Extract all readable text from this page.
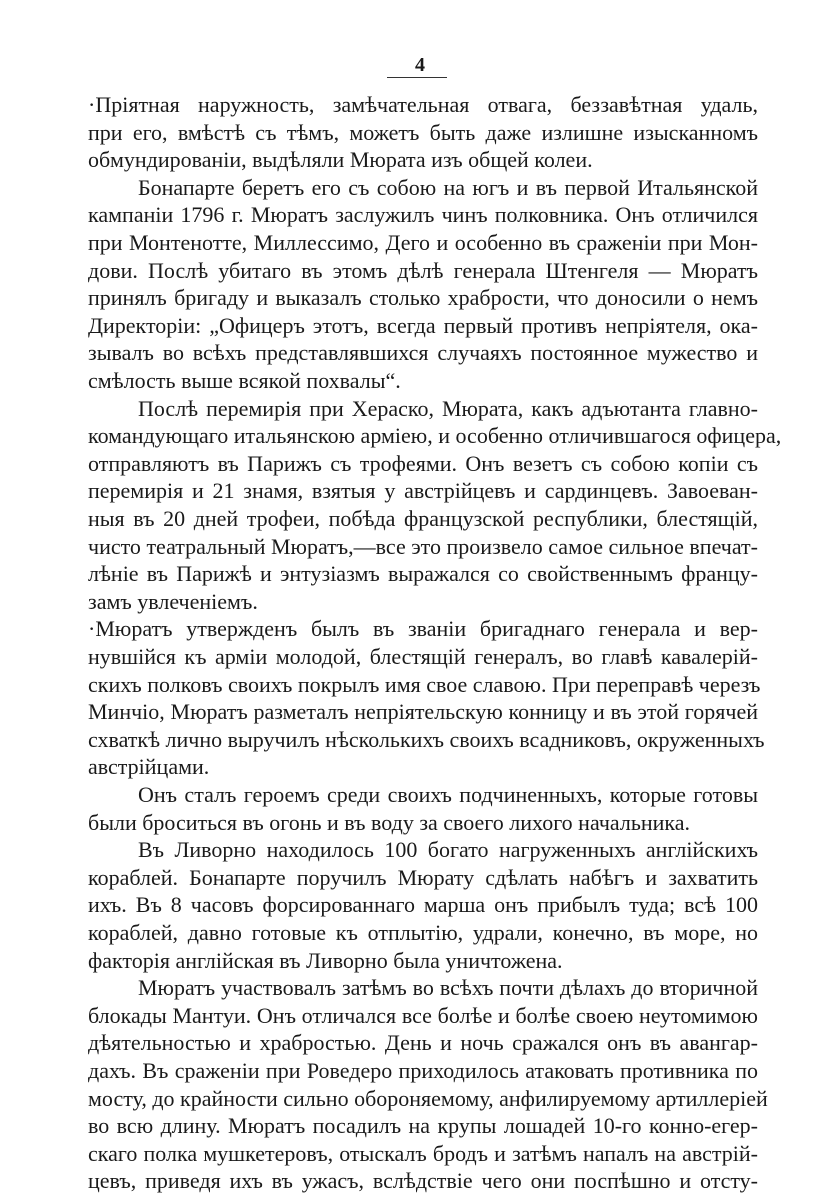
4
·Пріятная наружность, замѣчательная отвага, беззавѣтная удаль,
при его, вмѣстѣ съ тѣмъ, можетъ быть даже излишне изысканномъ
обмундированіи, выдѣляли Мюрата изъ общей колеи.
Бонапарте беретъ его съ собою на югъ и въ первой Итальянской
кампаніи 1796 г. Мюратъ заслужилъ чинъ полковника. Онъ отличился
при Монтенотте, Миллессимо, Дего и особенно въ сраженіи при Мон-
дови. Послѣ убитаго въ этомъ дѣлѣ генерала Штенгеля — Мюратъ
принялъ бригаду и выказалъ столько храбрости, что доносили о немъ
Директоріи: „Офицеръ этотъ, всегда первый противъ непріятеля, ока-
зывалъ во всѣхъ представлявшихся случаяхъ постоянное мужество и
смѣлость выше всякой похвалы“.
Послѣ перемирія при Хераско, Мюрата, какъ адъютанта главно-
командующаго итальянскою арміею, и особенно отличившагося офицера,
отправляютъ въ Парижъ съ трофеями. Онъ везетъ съ собою копіи съ
перемирія и 21 знамя, взятыя у австрійцевъ и сардинцевъ. Завоеван-
ныя въ 20 дней трофеи, побѣда французской республики, блестящій,
чисто театральный Мюратъ,—все это произвело самое сильное впечат-
лѣніе въ Парижѣ и энтузіазмъ выражался со свойственнымъ францу-
замъ увлеченіемъ.
·Мюратъ утвержденъ былъ въ званіи бригаднаго генерала и вер-
нувшійся къ арміи молодой, блестящій генералъ, во главѣ кавалерій-
скихъ полковъ своихъ покрылъ имя свое славою. При переправѣ черезъ
Минчіо, Мюратъ разметалъ непріятельскую конницу и въ этой горячей
схваткѣ лично выручилъ нѣсколькихъ своихъ всадниковъ, окруженныхъ
австрійцами.
Онъ сталъ героемъ среди своихъ подчиненныхъ, которые готовы
были броситься въ огонь и въ воду за своего лихого начальника.
Въ Ливорно находилось 100 богато нагруженныхъ англійскихъ
кораблей. Бонапарте поручилъ Мюрату сдѣлать набѣгъ и захватить
ихъ. Въ 8 часовъ форсированнаго марша онъ прибылъ туда; всѣ 100
кораблей, давно готовые къ отплытію, удрали, конечно, въ море, но
факторія англійская въ Ливорно была уничтожена.
Мюратъ участвовалъ затѣмъ во всѣхъ почти дѣлахъ до вторичной
блокады Мантуи. Онъ отличался все болѣе и болѣе своею неутомимою
дѣятельностью и храбростью. День и ночь сражался онъ въ авангар-
дахъ. Въ сраженіи при Роведеро приходилось атаковать противника по
мосту, до крайности сильно обороняемому, анфилируемому артиллеріей
во всю длину. Мюратъ посадилъ на крупы лошадей 10-го конно-егер-
скаго полка мушкетеровъ, отыскалъ бродъ и затѣмъ напалъ на австрій-
цевъ, приведя ихъ въ ужасъ, вслѣдствіе чего они поспѣшно и отсту-
